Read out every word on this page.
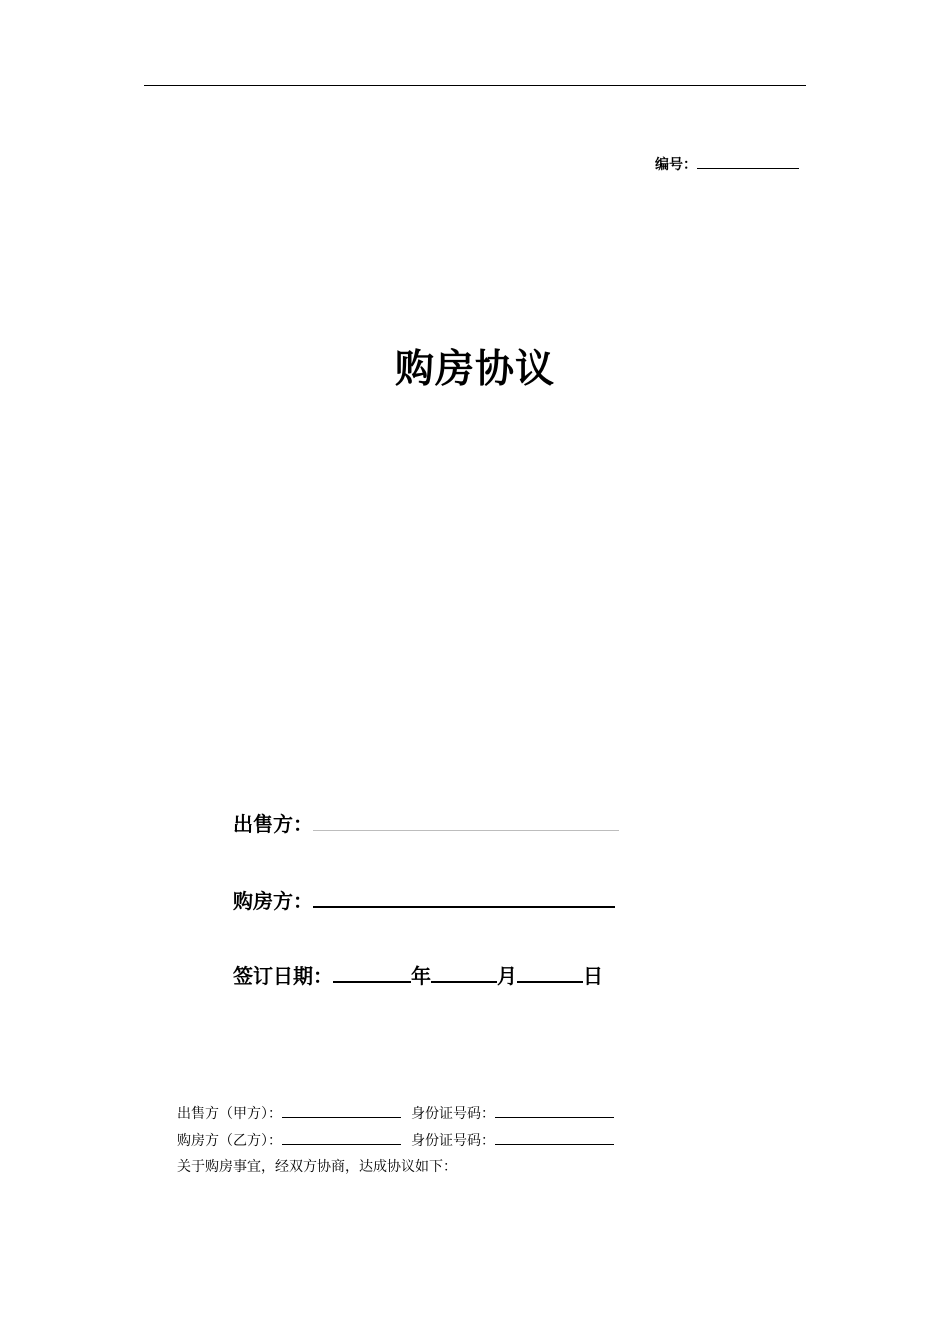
编号：
购房协议
出售方：
购房方：
签订日期：	年	月	日
出售方（甲方）：	身份证号码：
购房方（乙方）：	身份证号码：
关于购房事宜，经双方协商，达成协议如下：
